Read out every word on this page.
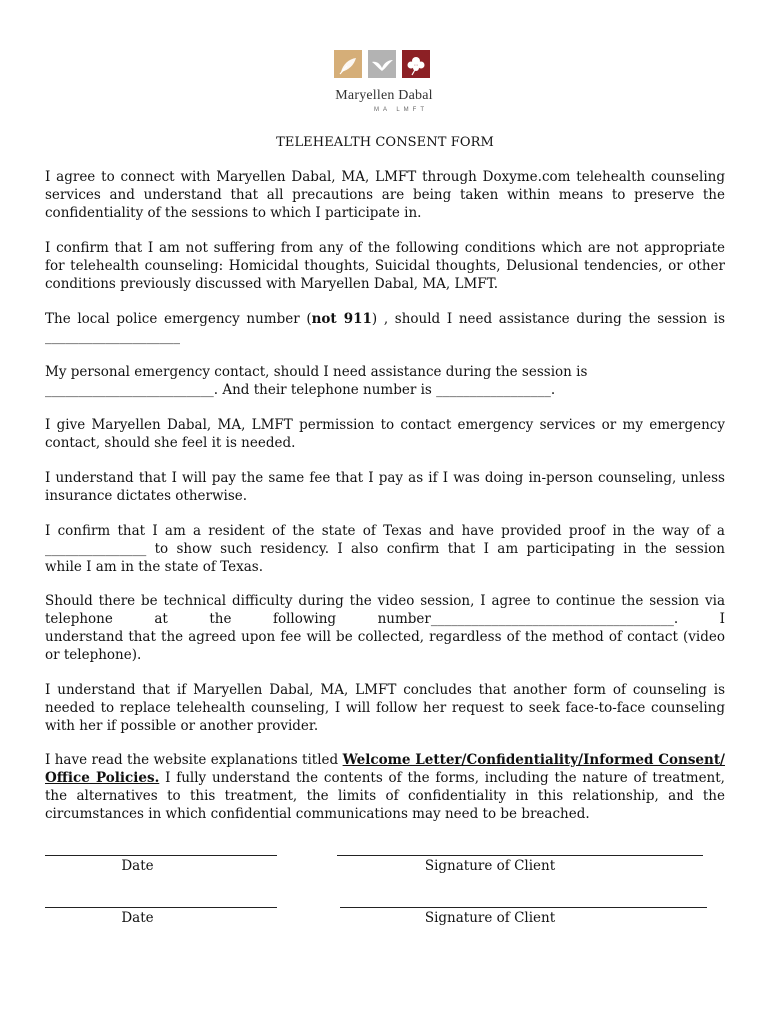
Maryellen Dabal
MA LMFT
TELEHEALTH CONSENT FORM
I agree to connect with Maryellen Dabal, MA, LMFT through Doxyme.com telehealth counseling services and understand that all precautions are being taken within means to preserve the confidentiality of the sessions to which I participate in.
I confirm that I am not suffering from any of the following conditions which are not appropriate for telehealth counseling: Homicidal thoughts, Suicidal thoughts, Delusional tendencies, or other conditions previously discussed with Maryellen Dabal, MA, LMFT.
The local police emergency number (not 911) , should I need assistance during the session is
____________________
My personal emergency contact, should I need assistance during the session is
_________________________. And their telephone number is _________________.
I give Maryellen Dabal, MA, LMFT permission to contact emergency services or my emergency contact, should she feel it is needed.
I understand that I will pay the same fee that I pay as if I was doing in-person counseling, unless insurance dictates otherwise.
I confirm that I am a resident of the state of Texas and have provided proof in the way of a
_______________ to show such residency. I also confirm that I am participating in the session
while I am in the state of Texas.
Should there be technical difficulty during the video session, I agree to continue the session via
telephone at the following number____________________________________. I
understand that the agreed upon fee will be collected, regardless of the method of contact (video or telephone).
I understand that if Maryellen Dabal, MA, LMFT concludes that another form of counseling is needed to replace telehealth counseling, I will follow her request to seek face-to-face counseling with her if possible or another provider.
I have read the website explanations titled Welcome Letter/Confidentiality/Informed Consent/ Office Policies. I fully understand the contents of the forms, including the nature of treatment, the alternatives to this treatment, the limits of confidentiality in this relationship, and the circumstances in which confidential communications may need to be breached.
Date	Signature of Client
Date	Signature of Client
